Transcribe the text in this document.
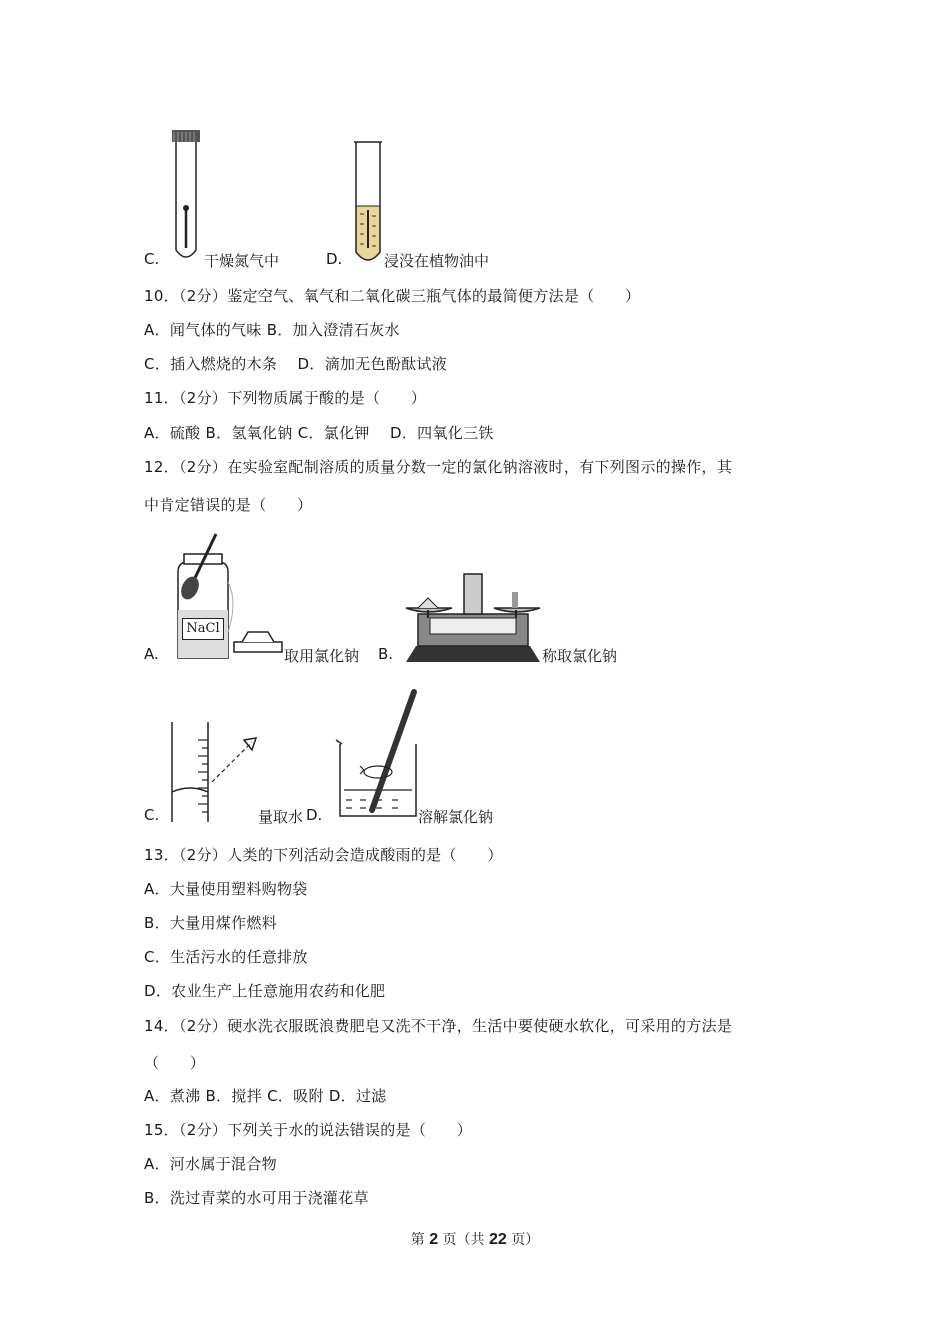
C.	干燥氮气中	D.	浸没在植物油中
10．（2分）鉴定空气、氧气和二氧化碳三瓶气体的最简便方法是（　　）
A．闻气体的气味 B．加入澄清石灰水
C．插入燃烧的木条　 D．滴加无色酚酞试液
11．（2分）下列物质属于酸的是（　　）
A．硫酸 B．氢氧化钠 C．氯化钾　 D．四氧化三铁
12．（2分）在实验室配制溶质的质量分数一定的氯化钠溶液时，有下列图示的操作，其
中肯定错误的是（　　）
NaCl
A.	取用氯化钠 B.	称取氯化钠
C.	量取水 D.	溶解氯化钠
13．（2分）人类的下列活动会造成酸雨的是（　　）
A．大量使用塑料购物袋
B．大量用煤作燃料
C．生活污水的任意排放
D．农业生产上任意施用农药和化肥
14．（2分）硬水洗衣服既浪费肥皂又洗不干净，生活中要使硬水软化，可采用的方法是
（　　）
A．煮沸 B．搅拌 C．吸附 D．过滤
15．（2分）下列关于水的说法错误的是（　　）
A．河水属于混合物
B．洗过青菜的水可用于浇灌花草
第 2 页（共 22 页）
